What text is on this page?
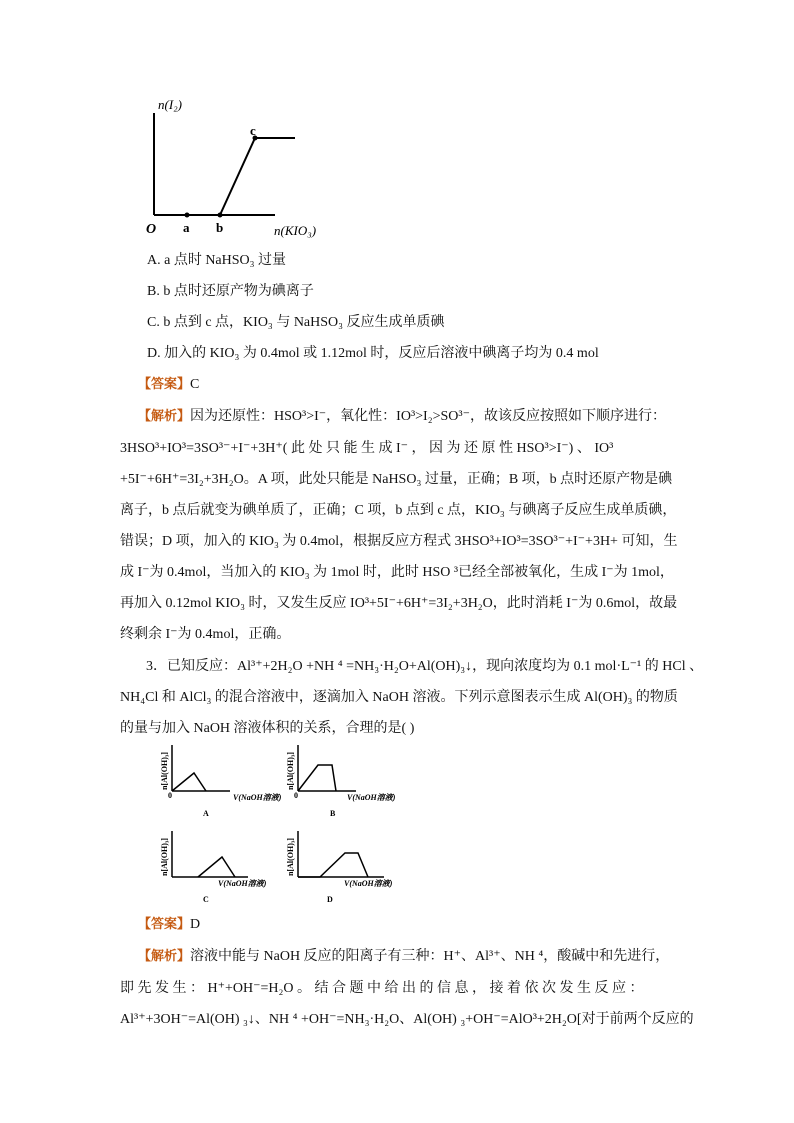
n(I₂)
O a b
c
n(KIO₃)
A. a 点时 NaHSO₃ 过量
B. b 点时还原产物为碘离子
C. b 点到 c 点，KIO₃ 与 NaHSO₃ 反应生成单质碘
D. 加入的 KIO₃ 为 0.4mol 或 1.12mol 时，反应后溶液中碘离子均为 0.4 mol
【答案】C
【解析】因为还原性：HSO³>I⁻，氧化性：IO³>I₂>SO³⁻，故该反应按照如下顺序进行：
3HSO³+IO³=3SO³⁻+I⁻+3H⁺( 此 处 只 能 生 成 I⁻ ， 因 为 还 原 性 HSO³>I⁻) 、 IO³
+5I⁻+6H⁺=3I₂+3H₂O。A 项，此处只能是 NaHSO₃ 过量，正确；B 项，b 点时还原产物是碘
离子，b 点后就变为碘单质了，正确；C 项，b 点到 c 点，KIO₃ 与碘离子反应生成单质碘，
错误；D 项，加入的 KIO₃ 为 0.4mol，根据反应方程式 3HSO³+IO³=3SO³⁻+I⁻+3H+ 可知，生
成 I⁻为 0.4mol，当加入的 KIO₃ 为 1mol 时，此时 HSO ³已经全部被氧化，生成 I⁻为 1mol，
再加入 0.12mol KIO₃ 时，又发生反应 IO³+5I⁻+6H⁺=3I₂+3H₂O，此时消耗 I⁻为 0.6mol，故最
终剩余 I⁻为 0.4mol，正确。
3．已知反应：Al³⁺+2H₂O +NH ⁴ =NH₃·H₂O+Al(OH)₃↓，现向浓度均为 0.1 mol·L⁻¹ 的 HCl 、
NH₄Cl 和 AlCl₃ 的混合溶液中，逐滴加入 NaOH 溶液。下列示意图表示生成 Al(OH)₃ 的物质
的量与加入 NaOH 溶液体积的关系，合理的是( )
n[Al(OH)₃]
0	V(NaOH溶液)
A
n[Al(OH)₃]
0	V(NaOH溶液)
B
n[Al(OH)₃]
V(NaOH溶液)
C
n[Al(OH)₃]
V(NaOH溶液)
D
【答案】D
【解析】溶液中能与 NaOH 反应的阳离子有三种：H⁺、Al³⁺、NH ⁴，酸碱中和先进行，
即 先 发 生 ： H⁺+OH⁻=H₂O 。 结 合 题 中 给 出 的 信 息 ， 接 着 依 次 发 生 反 应 ：
Al³⁺+3OH⁻=Al(OH) ₃↓、NH ⁴ +OH⁻=NH₃·H₂O、Al(OH) ₃+OH⁻=AlO³+2H₂O[对于前两个反应的
